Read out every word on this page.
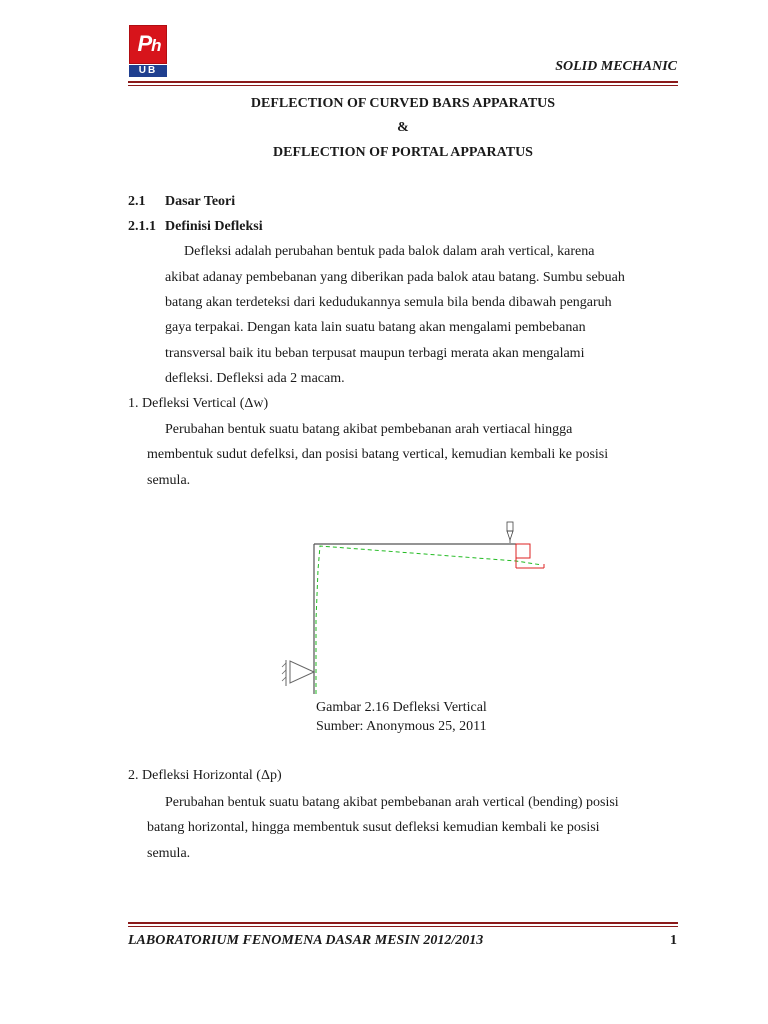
Ph
UB	SOLID MECHANIC
DEFLECTION OF CURVED BARS APPARATUS
&
DEFLECTION OF PORTAL APPARATUS
2.1 Dasar Teori
2.1.1 Definisi Defleksi
Defleksi adalah perubahan bentuk pada balok dalam arah vertical, karena
akibat adanay pembebanan yang diberikan pada balok atau batang. Sumbu sebuah
batang akan terdeteksi dari kedudukannya semula bila benda dibawah pengaruh
gaya terpakai. Dengan kata lain suatu batang akan mengalami pembebanan
transversal baik itu beban terpusat maupun terbagi merata akan mengalami
defleksi. Defleksi ada 2 macam.
1. Defleksi Vertical (Δw)
Perubahan bentuk suatu batang akibat pembebanan arah vertiacal hingga
membentuk sudut defelksi, dan posisi batang vertical, kemudian kembali ke posisi
semula.
Gambar 2.16 Defleksi Vertical
Sumber: Anonymous 25, 2011
2. Defleksi Horizontal (Δp)
Perubahan bentuk suatu batang akibat pembebanan arah vertical (bending) posisi
batang horizontal, hingga membentuk susut defleksi kemudian kembali ke posisi
semula.
LABORATORIUM FENOMENA DASAR MESIN 2012/2013	1
